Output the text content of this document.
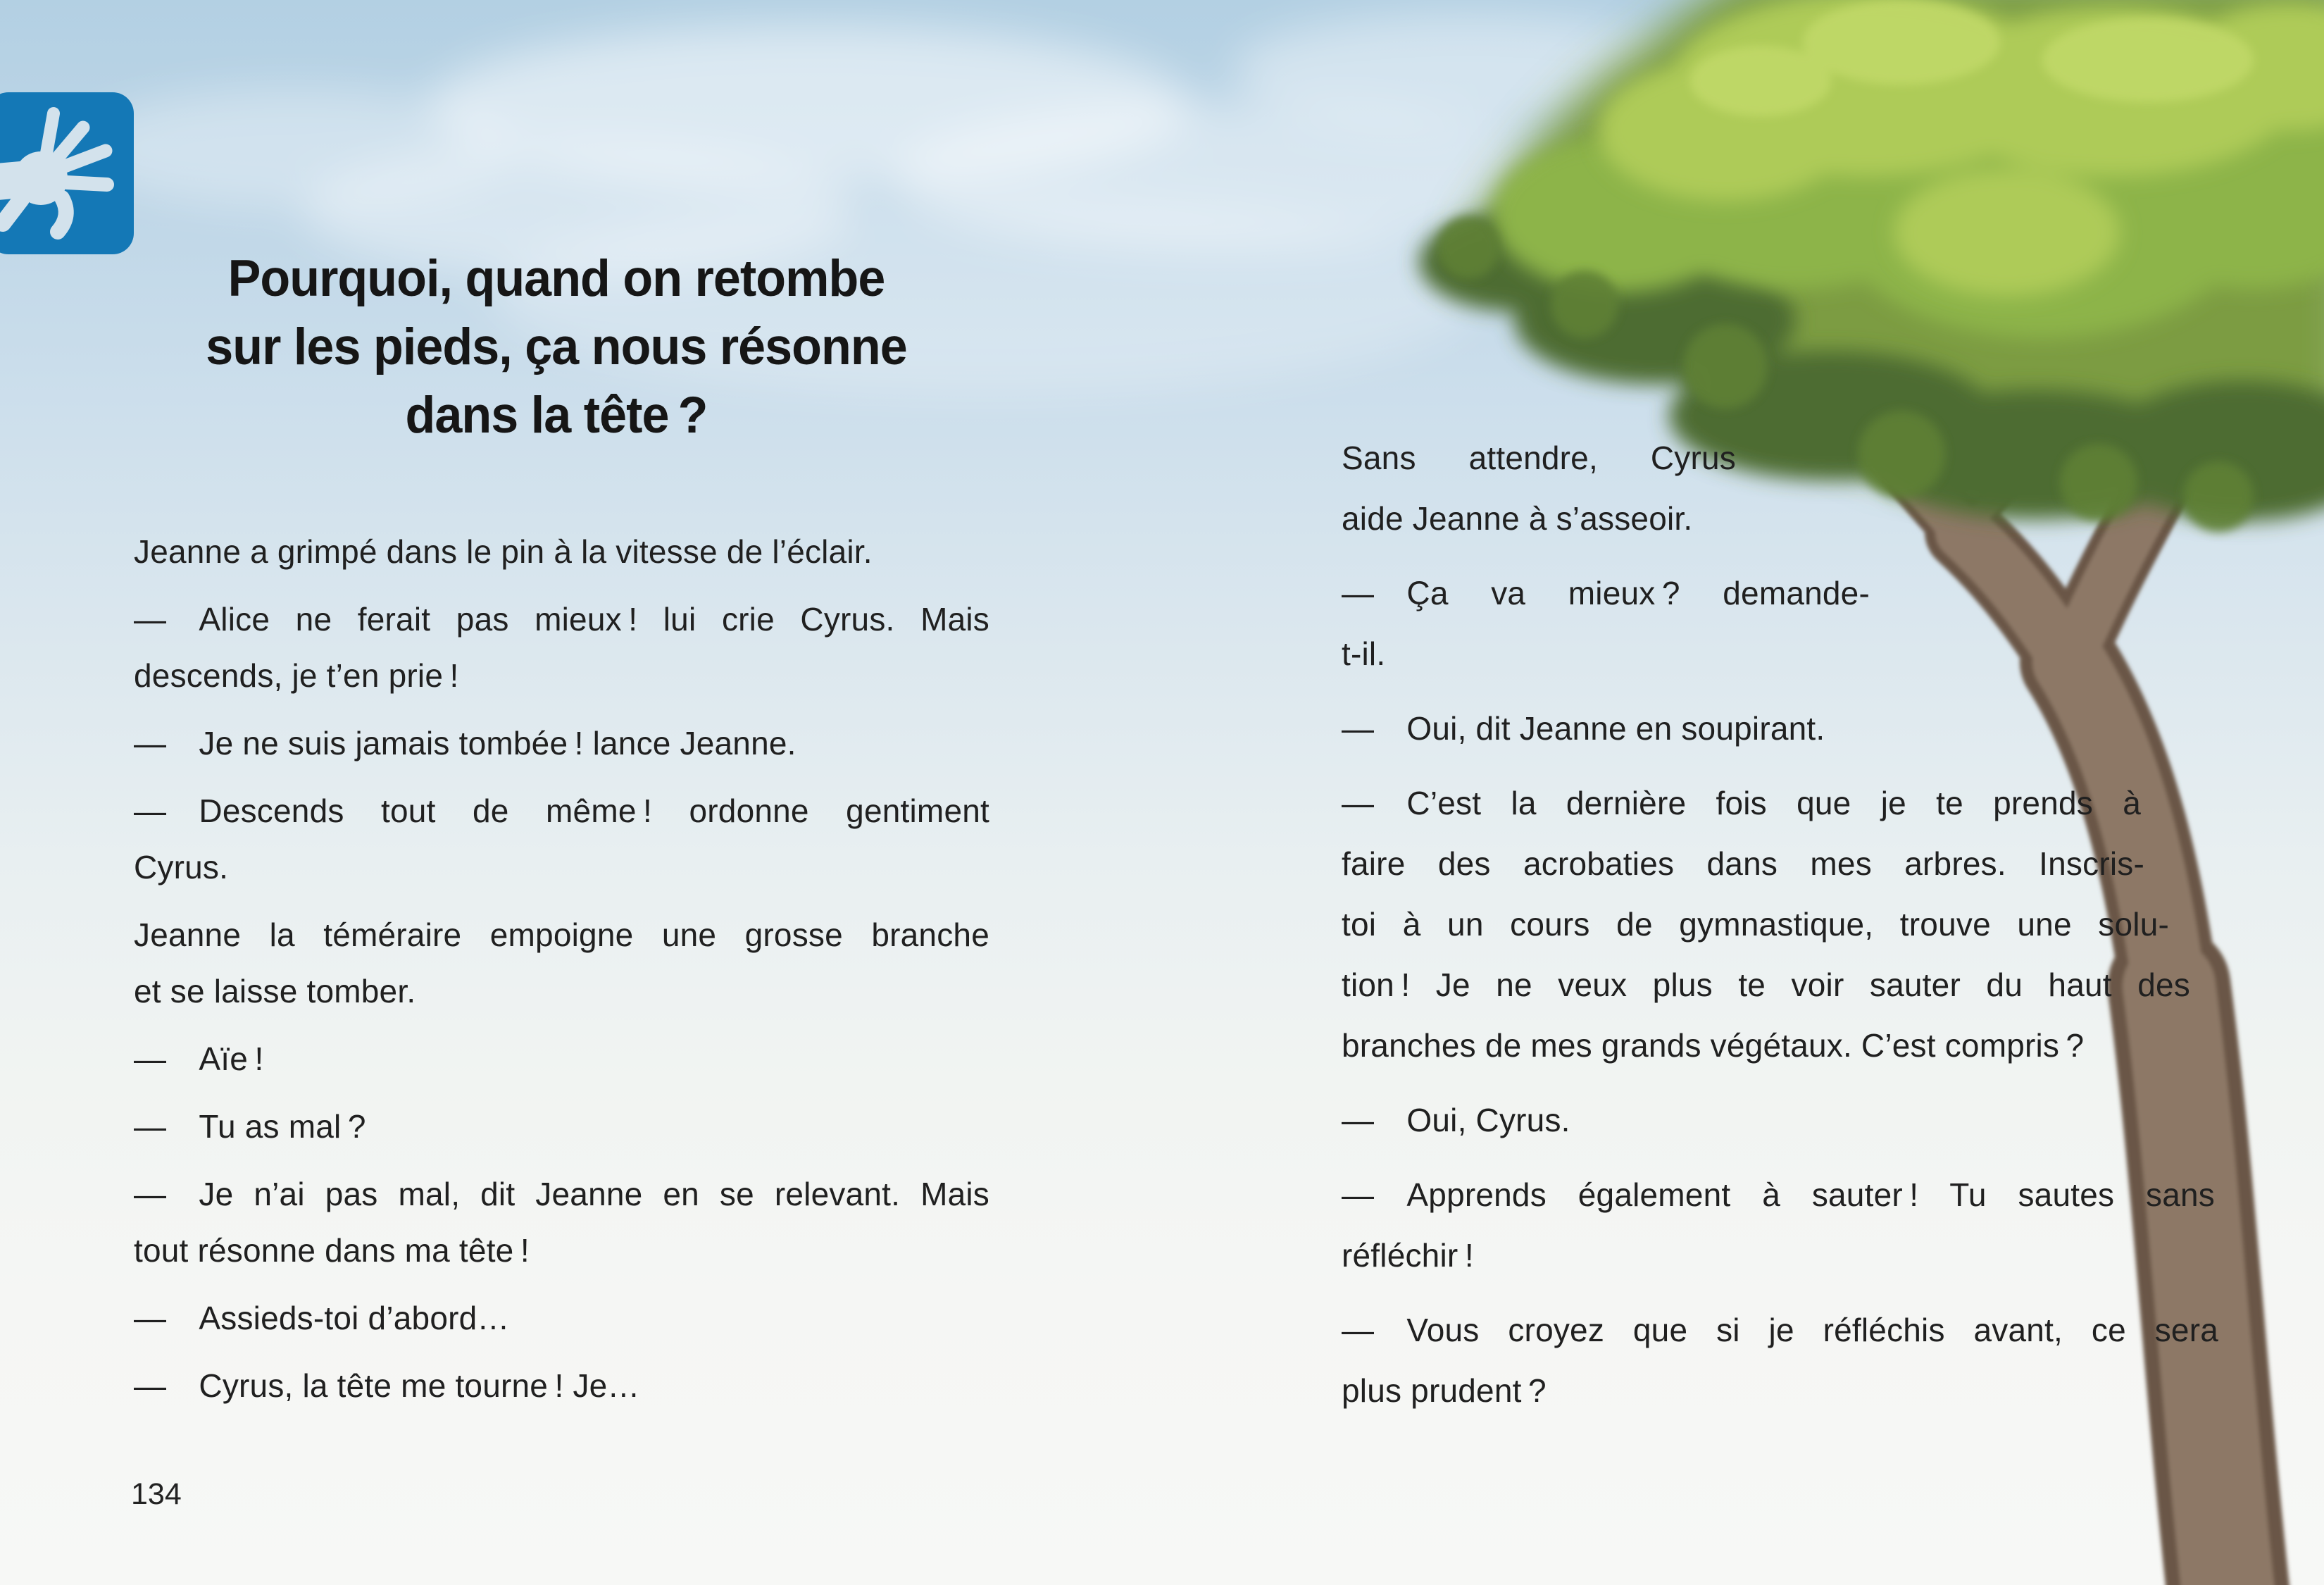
Pourquoi, quand on retombe
sur les pieds, ça nous résonne
dans la tête ?
Jeanne a grimpé dans le pin à la vitesse de l’éclair.
— Alice ne ferait pas mieux ! lui crie Cyrus. Mais
descends, je t’en prie !
— Je ne suis jamais tombée ! lance Jeanne.
— Descends tout de même ! ordonne gentiment
Cyrus.
Jeanne la téméraire empoigne une grosse branche
et se laisse tomber.
— Aïe !
— Tu as mal ?
— Je n’ai pas mal, dit Jeanne en se relevant. Mais
tout résonne dans ma tête !
— Assieds-toi d’abord…
— Cyrus, la tête me tourne ! Je…
Sans attendre, Cyrus
aide Jeanne à s’asseoir.
— Ça va mieux ? demande-
t-il.
— Oui, dit Jeanne en soupirant.
— C’est la dernière fois que je te prends à
faire des acrobaties dans mes arbres. Inscris-
toi à un cours de gymnastique, trouve une solu-
tion ! Je ne veux plus te voir sauter du haut des
branches de mes grands végétaux. C’est compris ?
— Oui, Cyrus.
— Apprends également à sauter ! Tu sautes sans
réfléchir !
— Vous croyez que si je réfléchis avant, ce sera
plus prudent ?
134
